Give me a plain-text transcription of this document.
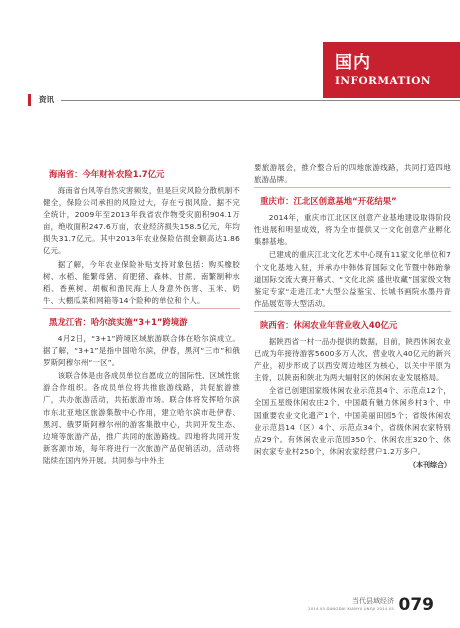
国内
INFORMATION
资讯
海南省：今年财补农险1.7亿元

海南省台风等自然灾害频发，但是巨灾风险分散机制不健全，保险公司承担的风险过大，存在亏损风险。据不完全统计，2009年至2013年我省农作物受灾面积904.1万亩，绝收面积247.6万亩，农业经济损失158.5亿元，年均损失31.7亿元。其中2013年农业保险估损金额高达1.86亿元。

据了解，今年农业保险补贴支持对象包括：购买橡胶树、水稻、能繁母猪、育肥猪、森林、甘蔗、南繁制种水稻、香蕉树、胡椒和渔民海上人身意外伤害、玉米、奶牛、大棚瓜菜和网箱等14个险种的单位和个人。

黑龙江省：哈尔滨实施“3+1”跨境游

4月2日，“3+1”跨境区域旅游联合体在哈尔滨成立。据了解，“3+1”是指中国哈尔滨，伊春，黑河“三市”和俄罗斯阿穆尔州“一区”。

该联合体是由各成员单位自愿成立的国际性、区域性旅游合作组织。各成员单位将共推旅游线路，共促旅游推广，共办旅游活动，共拓旅游市场。联合体将发挥哈尔滨市东北亚地区旅游集散中心作用，建立哈尔滨市赴伊春、黑河、俄罗斯阿穆尔州的游客集散中心，共同开发生态、边境等旅游产品，推广共同的旅游路线。四地将共同开发新客源市场，每年将进行一次旅游产品促销活动，活动将陆续在国内外开展。共同参与中外主

要旅游展会，推介整合后的四地旅游线路，共同打造四地旅游品牌。

重庆市：江北区创意基地“开花结果”

2014年，重庆市江北区区创意产业基地建设取得阶段性进展和明显成效，将为全市提供又一文化创意产业孵化集群基地。

已建成的重庆江北文化艺术中心现有11家文化单位和7个文化基地入驻，并承办中韩体育国际文化节暨中韩跆拳道国际交流大赛开幕式、“文化北滨 盛世收藏”国家级文物鉴定专家“走进江北”大型公益鉴宝、长城书画院水墨丹青作品展览等大型活动。

陕西省：休闲农业年营业收入40亿元

据陕西省一村一品办提供的数据，目前，陕西休闲农业已成为年接待游客5600多万人次、营业收入40亿元的新兴产业，初步形成了以西安周边地区为核心，以关中平原为主骨，以陕南和陕北为两大辐射区的休闲农业发展格局。

全省已创建国家级休闲农业示范县4个、示范点12个，全国五星级休闲农庄2个、中国最有魅力休闲乡村3个、中国重要农业文化遗产1个、中国美丽田园5个；省级休闲农业示范县14（区）4个、示范点34个，省级休闲农家特别点29个。有休闲农业示范园350个、休闲农庄320个、休闲农家专业村250个，休闲农家经营户1.2万多户。

（本刊综合）
当代县域经济
2014.05 DANGDAI XIANYU JINGJI 2014.05 079
